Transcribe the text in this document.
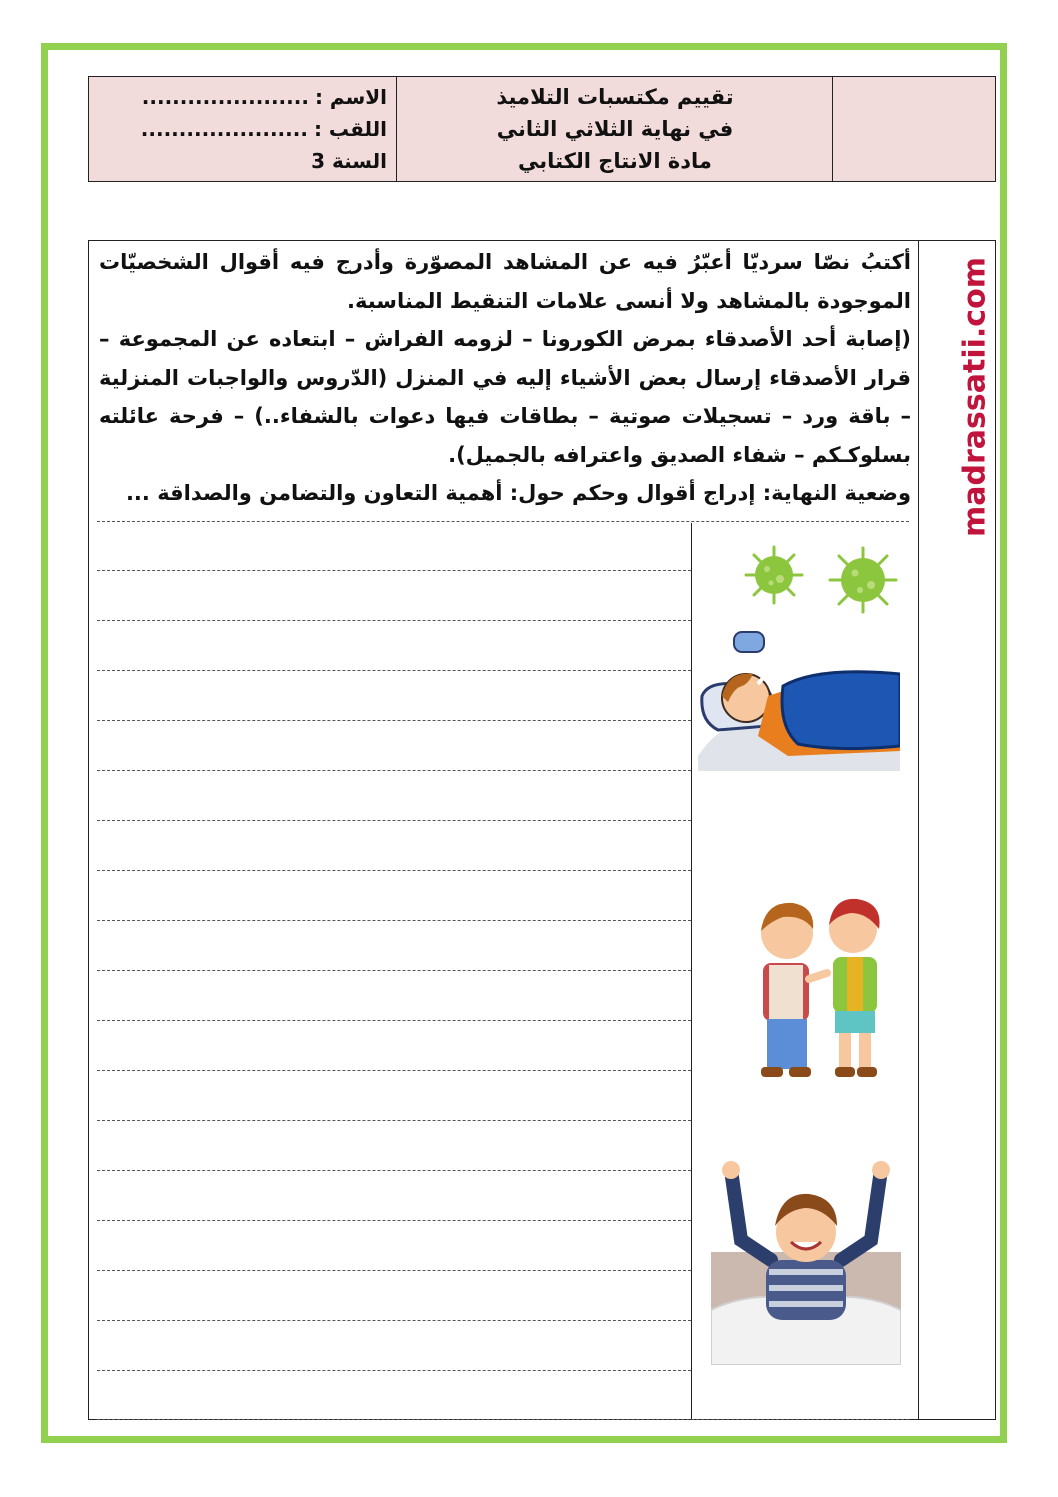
تقييم مكتسبات التلاميذ
في نهاية الثلاثي الثاني
مادة الانتاج الكتابي
الاسم :
......................
اللقب :
......................
السنة 3

أكتبُ نصّا سرديّا أعبّرُ فيه عن المشاهد المصوّرة وأدرج فيه أقوال الشخصيّات الموجودة بالمشاهد ولا أنسى علامات التنقيط المناسبة.

(إصابة أحد الأصدقاء بمرض الكورونا – لزومه الفراش – ابتعاده عن المجموعة – قرار الأصدقاء إرسال بعض الأشياء إليه في المنزل (الدّروس والواجبات المنزلية – باقة ورد – تسجيلات صوتية – بطاقات فيها دعوات بالشفاء..) – فرحة عائلته بسلوكـكم – شفاء الصديق واعترافه بالجميل).

وضعية النهاية: إدراج أقوال وحكم حول: أهمية التعاون والتضامن والصداقة ... madrassatii.com
